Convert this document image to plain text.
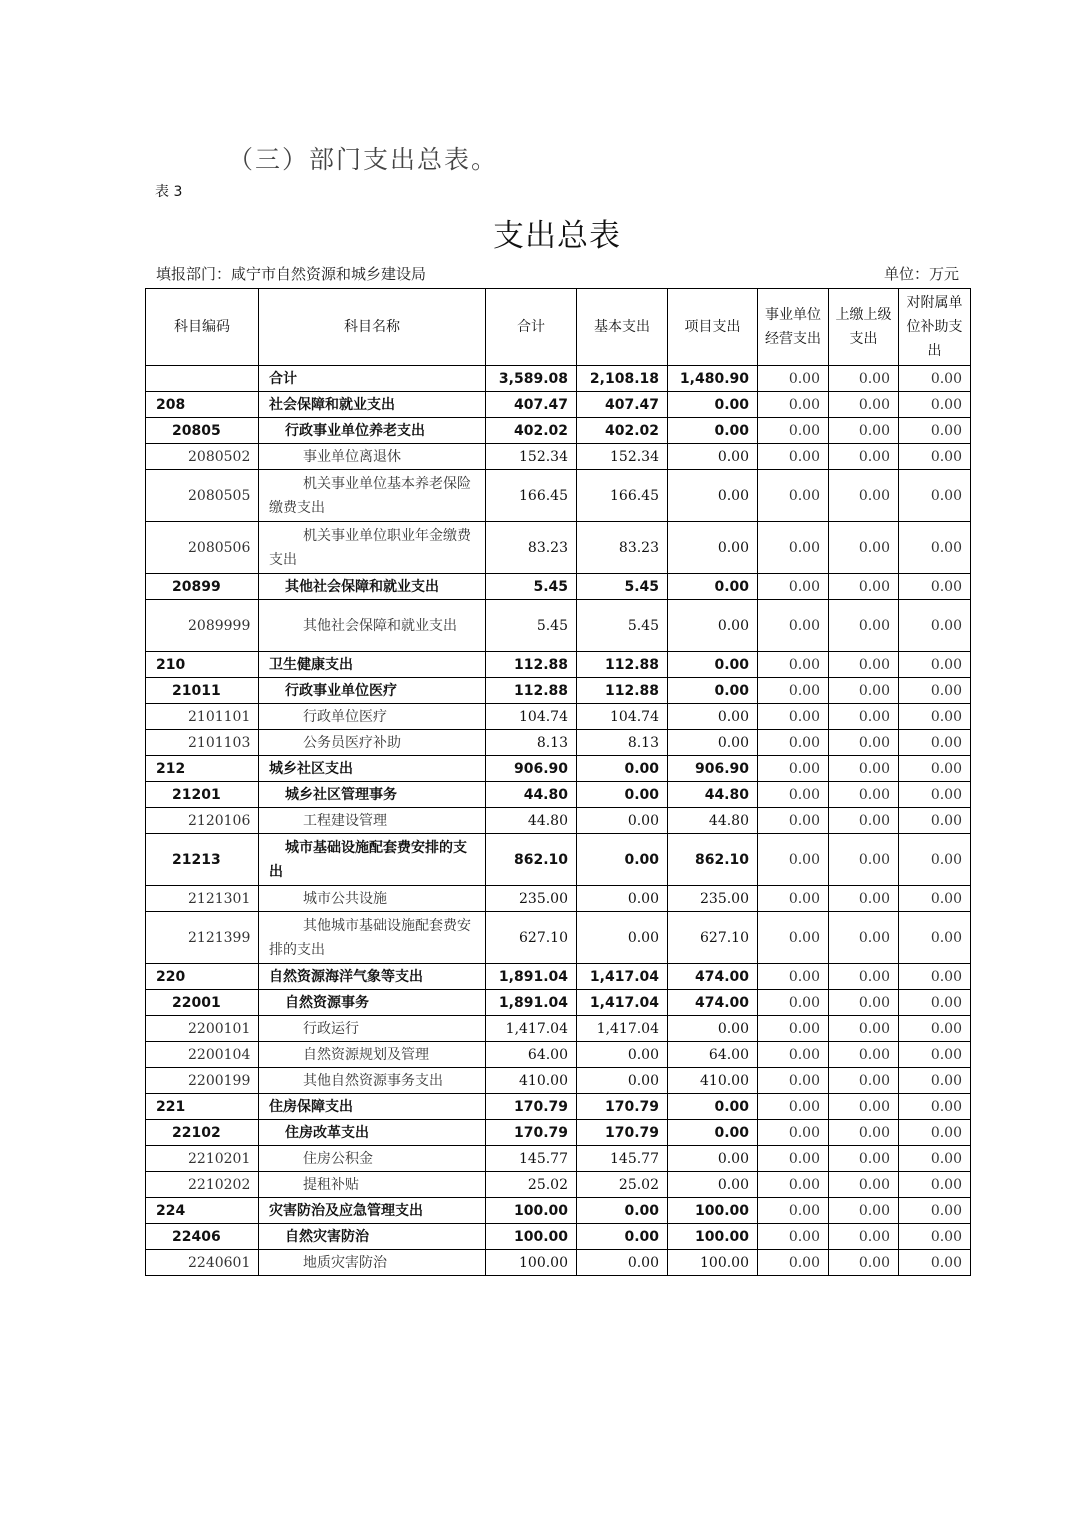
（三）部门支出总表。
表 3
支出总表
填报部门：咸宁市自然资源和城乡建设局	单位：万元
科目编码	科目名称	合计	基本支出	项目支出	事业单位经营支出	上缴上级支出	对附属单位补助支出
	合计	3,589.08	2,108.18	1,480.90	0.00	0.00	0.00
208	社会保障和就业支出	407.47	407.47	0.00	0.00	0.00	0.00
20805	行政事业单位养老支出	402.02	402.02	0.00	0.00	0.00	0.00
2080502	事业单位离退休	152.34	152.34	0.00	0.00	0.00	0.00
2080505	机关事业单位基本养老保险缴费支出	166.45	166.45	0.00	0.00	0.00	0.00
2080506	机关事业单位职业年金缴费支出	83.23	83.23	0.00	0.00	0.00	0.00
20899	其他社会保障和就业支出	5.45	5.45	0.00	0.00	0.00	0.00
2089999	其他社会保障和就业支出	5.45	5.45	0.00	0.00	0.00	0.00
210	卫生健康支出	112.88	112.88	0.00	0.00	0.00	0.00
21011	行政事业单位医疗	112.88	112.88	0.00	0.00	0.00	0.00
2101101	行政单位医疗	104.74	104.74	0.00	0.00	0.00	0.00
2101103	公务员医疗补助	8.13	8.13	0.00	0.00	0.00	0.00
212	城乡社区支出	906.90	0.00	906.90	0.00	0.00	0.00
21201	城乡社区管理事务	44.80	0.00	44.80	0.00	0.00	0.00
2120106	工程建设管理	44.80	0.00	44.80	0.00	0.00	0.00
21213	城市基础设施配套费安排的支出	862.10	0.00	862.10	0.00	0.00	0.00
2121301	城市公共设施	235.00	0.00	235.00	0.00	0.00	0.00
2121399	其他城市基础设施配套费安排的支出	627.10	0.00	627.10	0.00	0.00	0.00
220	自然资源海洋气象等支出	1,891.04	1,417.04	474.00	0.00	0.00	0.00
22001	自然资源事务	1,891.04	1,417.04	474.00	0.00	0.00	0.00
2200101	行政运行	1,417.04	1,417.04	0.00	0.00	0.00	0.00
2200104	自然资源规划及管理	64.00	0.00	64.00	0.00	0.00	0.00
2200199	其他自然资源事务支出	410.00	0.00	410.00	0.00	0.00	0.00
221	住房保障支出	170.79	170.79	0.00	0.00	0.00	0.00
22102	住房改革支出	170.79	170.79	0.00	0.00	0.00	0.00
2210201	住房公积金	145.77	145.77	0.00	0.00	0.00	0.00
2210202	提租补贴	25.02	25.02	0.00	0.00	0.00	0.00
224	灾害防治及应急管理支出	100.00	0.00	100.00	0.00	0.00	0.00
22406	自然灾害防治	100.00	0.00	100.00	0.00	0.00	0.00
2240601	地质灾害防治	100.00	0.00	100.00	0.00	0.00	0.00
